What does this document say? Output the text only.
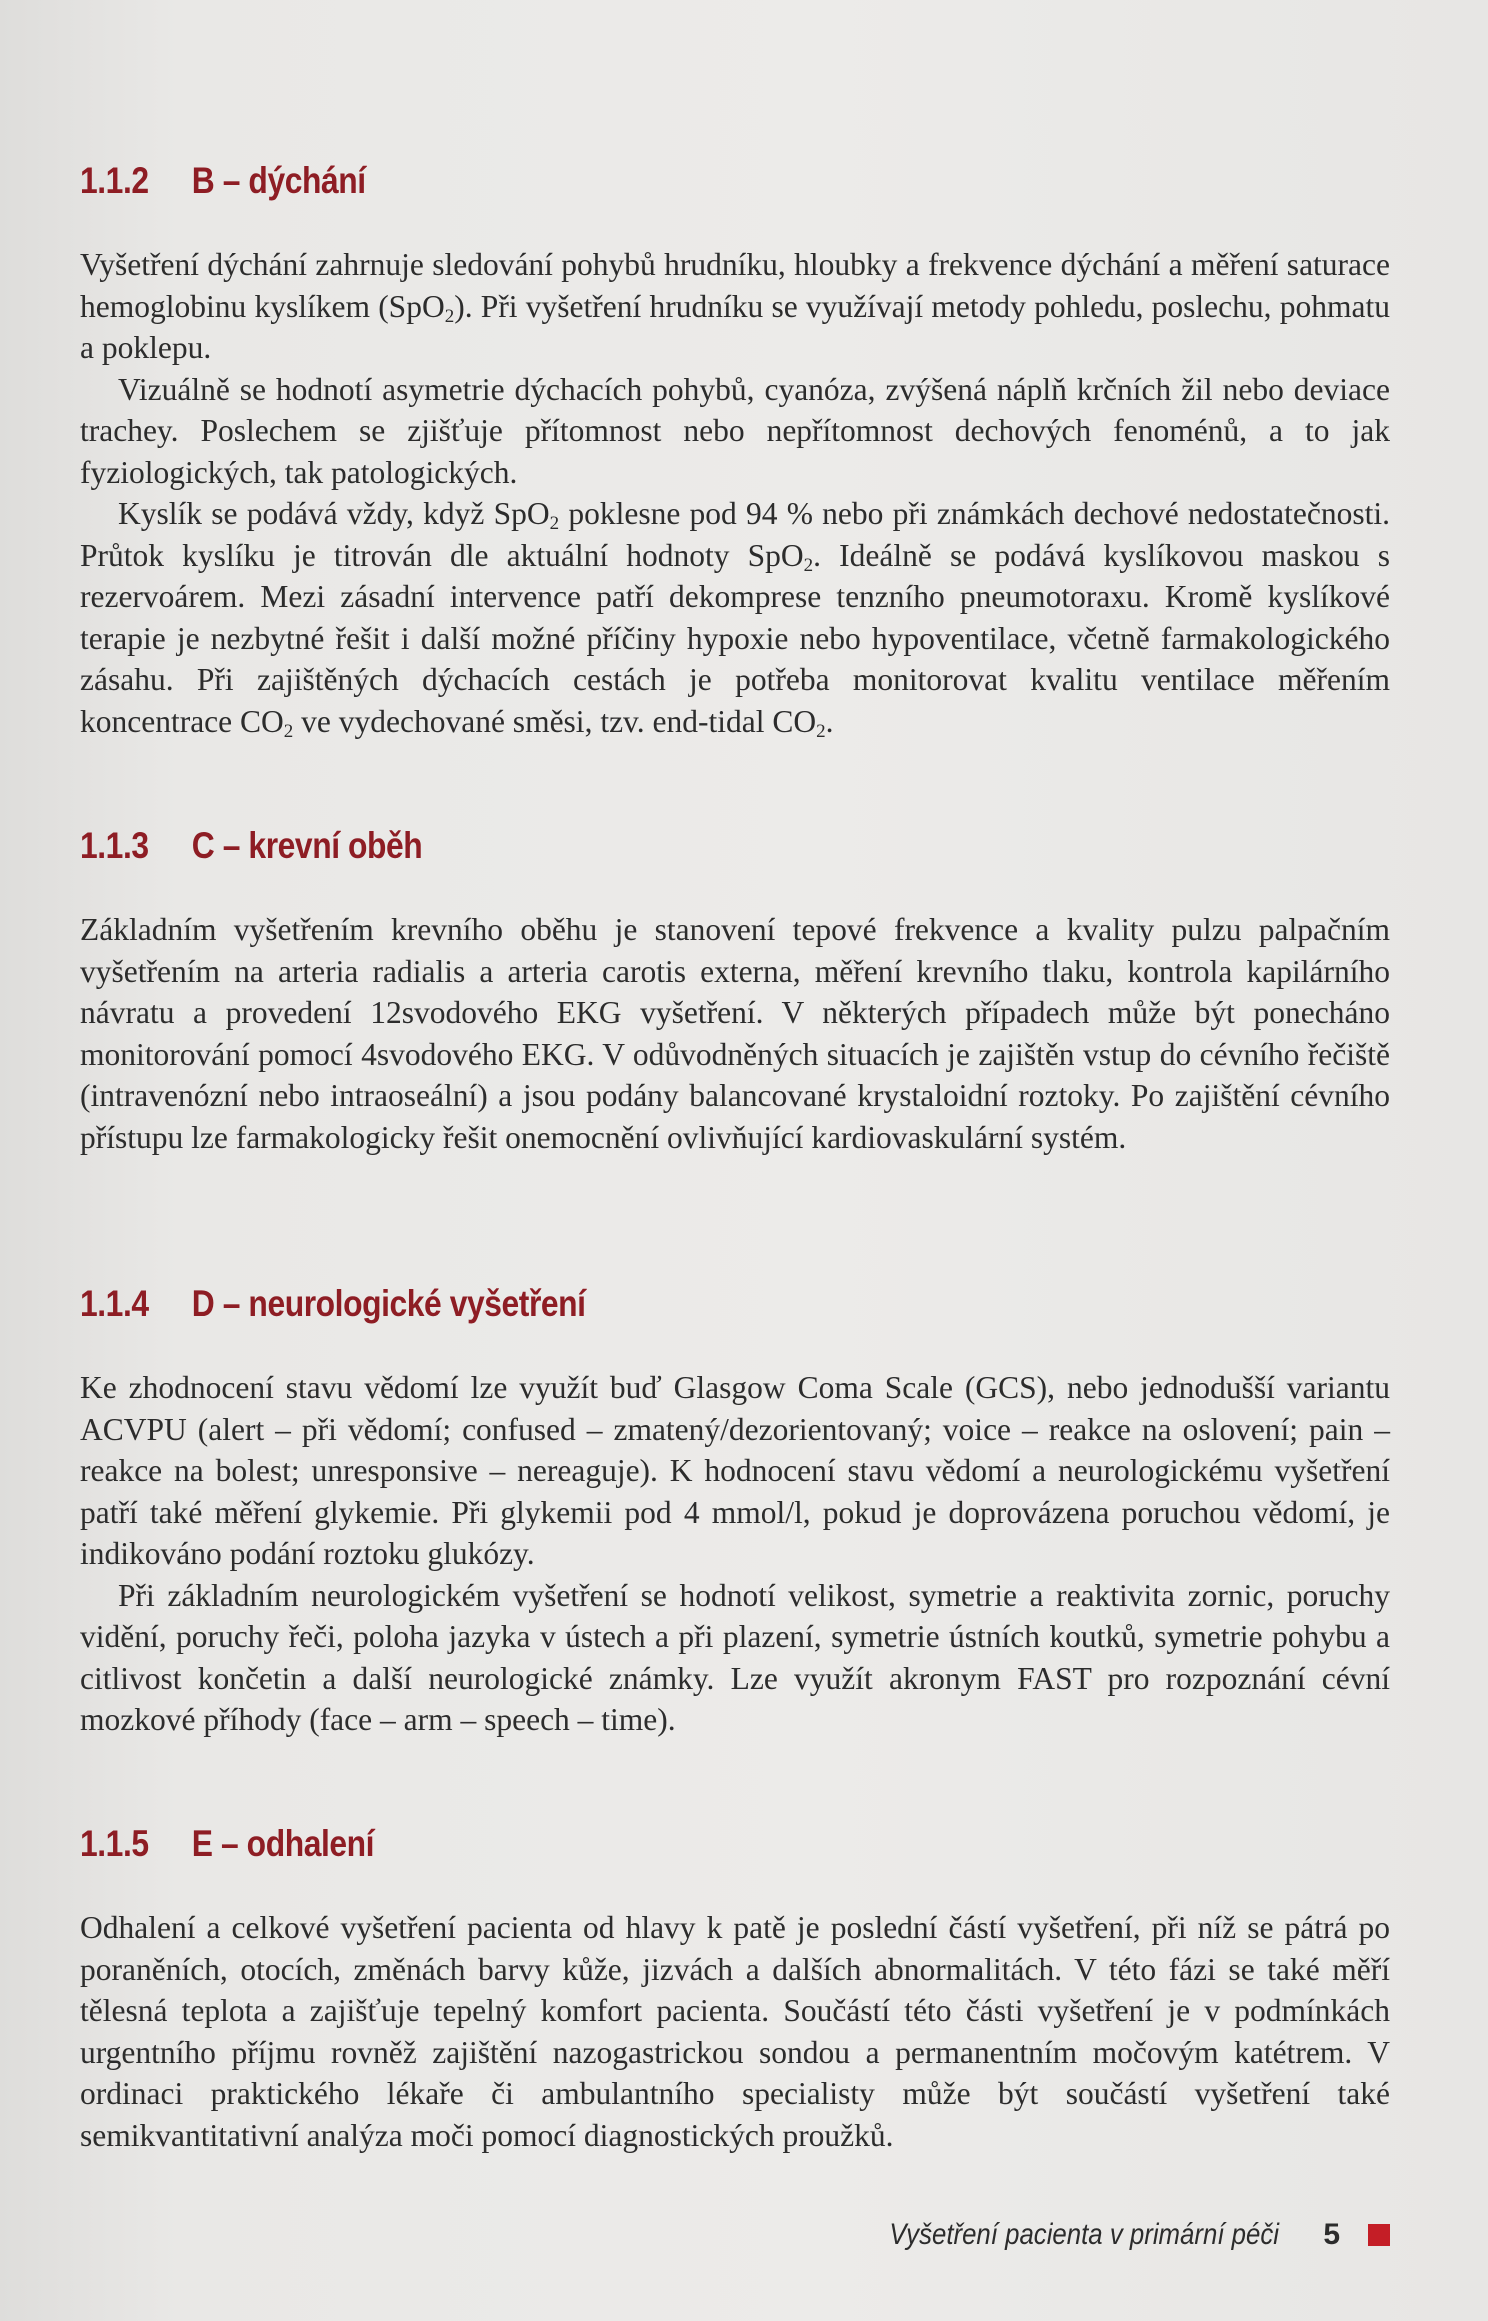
1.1.2	B – dýchání

Vyšetření dýchání zahrnuje sledování pohybů hrudníku, hloubky a frekvence dýchání a měření saturace hemoglobinu kyslíkem (SpO$_2$). Při vyšetření hrudníku se využívají metody pohledu, poslechu, pohmatu a poklepu.

Vizuálně se hodnotí asymetrie dýchacích pohybů, cyanóza, zvýšená náplň krčních žil nebo deviace trachey. Poslechem se zjišťuje přítomnost nebo nepřítomnost dechových fenoménů, a to jak fyziologických, tak patologických.

Kyslík se podává vždy, když SpO$_2$ poklesne pod 94 % nebo při známkách dechové nedostatečnosti. Průtok kyslíku je titrován dle aktuální hodnoty SpO$_2$. Ideálně se podává kyslíkovou maskou s rezervoárem. Mezi zásadní intervence patří dekomprese tenzního pneumotoraxu. Kromě kyslíkové terapie je nezbytné řešit i další možné příčiny hypoxie nebo hypoventilace, včetně farmakologického zásahu. Při zajištěných dýchacích cestách je potřeba monitorovat kvalitu ventilace měřením koncentrace $CO_2$ ve vydechované směsi, tzv. end-tidal $CO_2$.

1.1.3	C – krevní oběh

Základním vyšetřením krevního oběhu je stanovení tepové frekvence a kvality pulzu palpačním vyšetřením na arteria radialis a arteria carotis externa, měření krevního tlaku, kontrola kapilárního návratu a provedení 12svodového EKG vyšetření. V některých případech může být ponecháno monitorování pomocí 4svodového EKG. V odůvodněných situacích je zajištěn vstup do cévního řečiště (intravenózní nebo intraoseální) a jsou podány balancované krystaloidní roztoky. Po zajištění cévního přístupu lze farmakologicky řešit onemocnění ovlivňující kardiovaskulární systém.

1.1.4	D – neurologické vyšetření

Ke zhodnocení stavu vědomí lze využít buď Glasgow Coma Scale (GCS), nebo jednodušší variantu ACVPU (alert – při vědomí; confused – zmatený/dezorientovaný; voice – reakce na oslovení; pain – reakce na bolest; unresponsive – nereaguje). K hodnocení stavu vědomí a neurologickému vyšetření patří také měření glykemie. Při glykemii pod 4 mmol/l, pokud je doprovázena poruchou vědomí, je indikováno podání roztoku glukózy.

Při základním neurologickém vyšetření se hodnotí velikost, symetrie a reaktivita zornic, poruchy vidění, poruchy řeči, poloha jazyka v ústech a při plazení, symetrie ústních koutků, symetrie pohybu a citlivost končetin a další neurologické známky. Lze využít akronym FAST pro rozpoznání cévní mozkové příhody (face – arm – speech – time).

1.1.5	E – odhalení

Odhalení a celkové vyšetření pacienta od hlavy k patě je poslední částí vyšetření, při níž se pátrá po poraněních, otocích, změnách barvy kůže, jizvách a dalších abnormalitách. V této fázi se také měří tělesná teplota a zajišťuje tepelný komfort pacienta. Součástí této části vyšetření je v podmínkách urgentního příjmu rovněž zajištění nazogastrickou sondou a permanentním močovým katétrem. V ordinaci praktického lékaře či ambulantního specialisty může být součástí vyšetření také semikvantitativní analýza moči pomocí diagnostických proužků.

Vyšetření pacienta v primární péči 5
